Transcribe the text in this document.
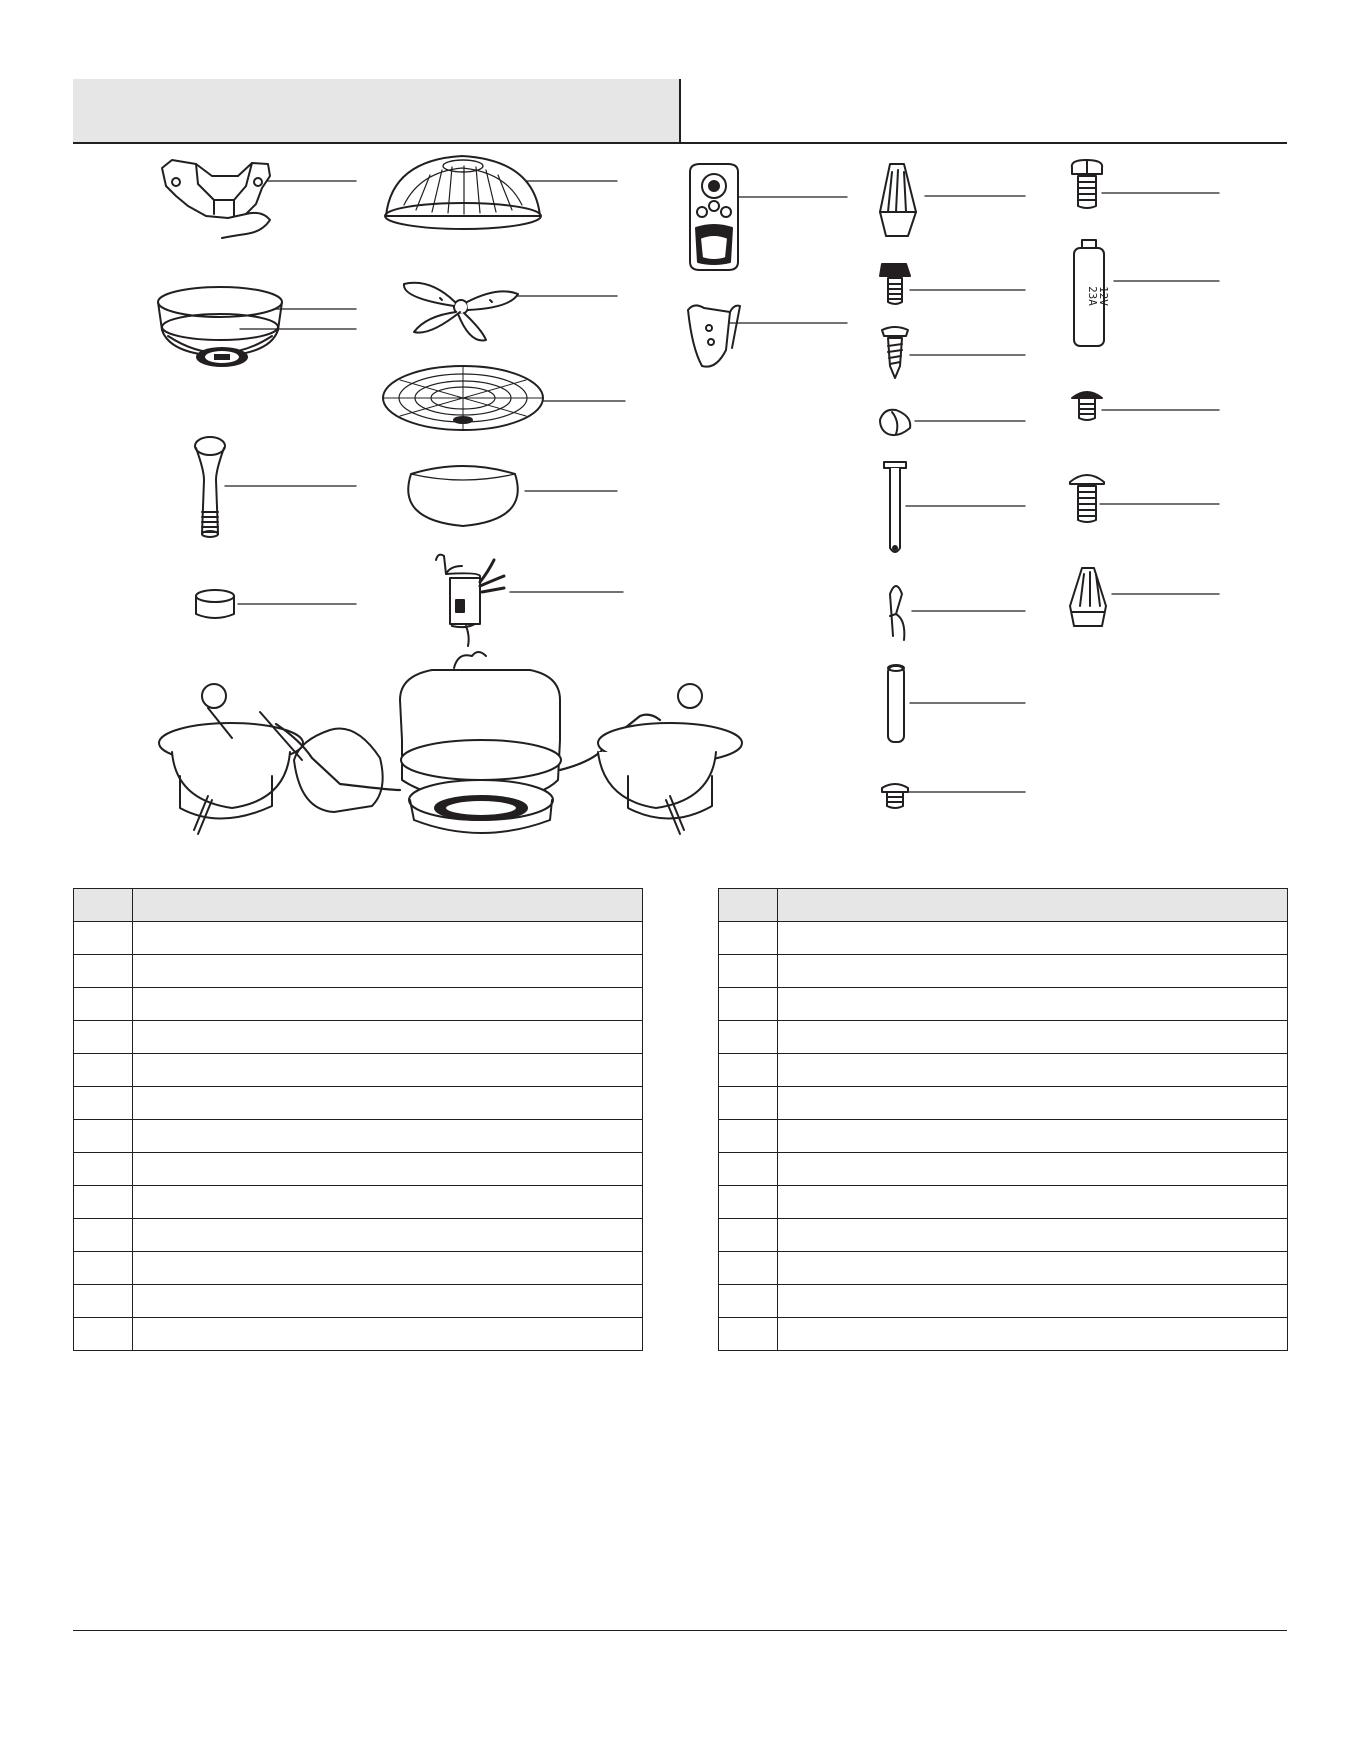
23A
12V
